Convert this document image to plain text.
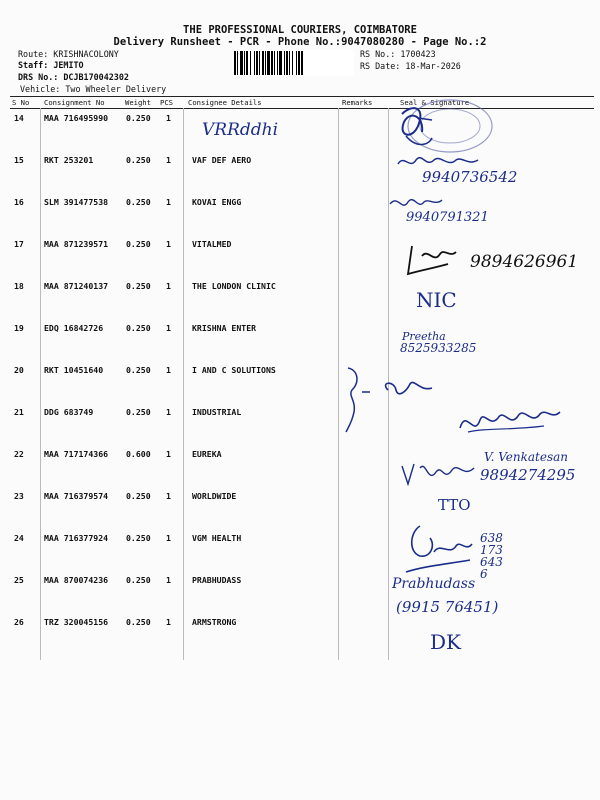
THE PROFESSIONAL COURIERS, COIMBATORE
Delivery Runsheet - PCR - Phone No.:9047080280 - Page No.:2
Route: KRISHNACOLONY
Staff: JEMITO
DRS No.: DCJB170042302
Vehicle: Two Wheeler Delivery
RS No.: 1700423
RS Date: 18-Mar-2026
S No Consignment No	Weight PCS Consignee Details	Remarks	Seal & Signature
14 MAA 716495990 0.250 1
15 RKT 253201	0.250 1	VAF DEF AERO
16 SLM 391477538 0.250 1	KOVAI ENGG
17 MAA 871239571 0.250 1	VITALMED
18 MAA 871240137 0.250 1	THE LONDON CLINIC
19 EDQ 16842726	0.250 1	KRISHNA ENTER
20 RKT 10451640	0.250 1	I AND C SOLUTIONS
21 DDG 683749	0.250 1	INDUSTRIAL
22 MAA 717174366 0.600 1	EUREKA
23 MAA 716379574 0.250 1	WORLDWIDE
24 MAA 716377924 0.250 1	VGM HEALTH
25 MAA 870074236 0.250 1	PRABHUDASS
26 TRZ 320045156 0.250 1	ARMSTRONG
VRRddhi
9940736542
9940791321
9894626961
NIC
Preetha
8525933285
V. Venkatesan
9894274295
TTO
6381736436
Prabhudass
(9915 76451)
DK
